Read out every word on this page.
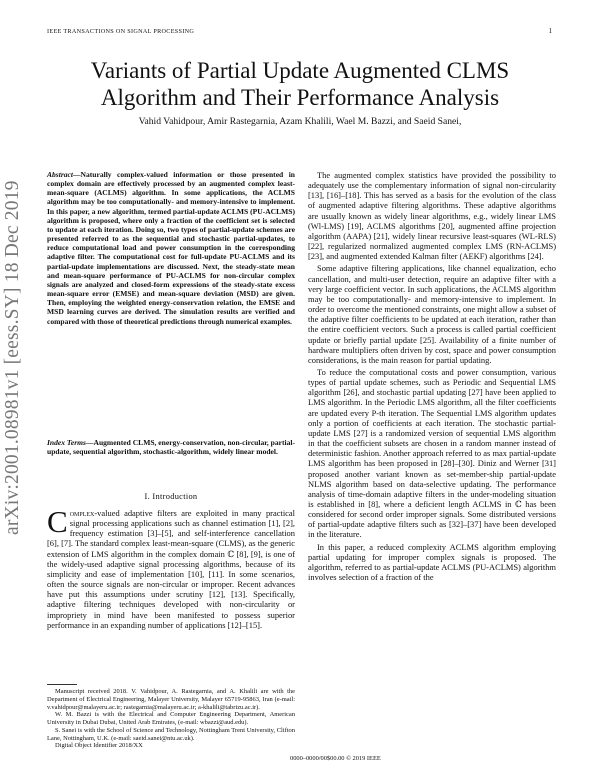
IEEE TRANSACTIONS ON SIGNAL PROCESSING	1
arXiv:2001.08981v1 [eess.SY] 18 Dec 2019
Variants of Partial Update Augmented CLMS
Algorithm and Their Performance Analysis
Vahid Vahidpour, Amir Rastegarnia, Azam Khalili, Wael M. Bazzi, and Saeid Sanei,
Abstract—Naturally complex-valued information or those presented in complex domain are effectively processed by an augmented complex least-mean-square (ACLMS) algorithm. In some applications, the ACLMS algorithm may be too computationally- and memory-intensive to implement. In this paper, a new algorithm, termed partial-update ACLMS (PU-ACLMS) algorithm is proposed, where only a fraction of the coefficient set is selected to update at each iteration. Doing so, two types of partial-update schemes are presented referred to as the sequential and stochastic partial-updates, to reduce computational load and power consumption in the corresponding adaptive filter. The computational cost for full-update PU-ACLMS and its partial-update implementations are discussed. Next, the steady-state mean and mean-square performance of PU-ACLMS for non-circular complex signals are analyzed and closed-form expressions of the steady-state excess mean-square error (EMSE) and mean-square deviation (MSD) are given. Then, employing the weighted energy-conservation relation, the EMSE and MSD learning curves are derived. The simulation results are verified and compared with those of theoretical predictions through numerical examples.
Index Terms—Augmented CLMS, energy-conservation, non-circular, partial-update, sequential algorithm, stochastic-algorithm, widely linear model.
I. Introduction
Complex-valued adaptive filters are exploited in many practical signal processing applications such as channel estimation [1], [2], frequency estimation [3]–[5], and self-interference cancellation [6], [7]. The standard complex least-mean-square (CLMS), as the generic extension of LMS algorithm in the complex domain ℂ [8], [9], is one of the widely-used adaptive signal processing algorithms, because of its simplicity and ease of implementation [10], [11]. In some scenarios, often the source signals are non-circular or improper. Recent advances have put this assumptions under scrutiny [12], [13]. Specifically, adaptive filtering techniques developed with non-circularity or impropriety in mind have been manifested to possess superior performance in an expanding number of applications [12]–[15].

Manuscript received 2018. V. Vahidpour, A. Rastegarnia, and A. Khalili are with the Department of Electrical Engineering, Malayer University, Malayer 65719-95863, Iran (e-mail: v.vahidpour@malayeru.ac.ir; rastegarnia@malayeru.ac.ir; a-khalili@tabrizu.ac.ir).

W. M. Bazzi is with the Electrical and Computer Engineering Department, American University in Dubai Dubai, United Arab Emirates, (e-mail: wbazzi@aud.edu).

S. Sanei is with the School of Science and Technology, Nottingham Trent University, Clifton Lane, Nottingham, U.K. (e-mail: saeid.sanei@ntu.ac.uk).

Digital Object Identifier 2018/XX

The augmented complex statistics have provided the possibility to adequately use the complementary information of signal non-circularity [13], [16]–[18]. This has served as a basis for the evolution of the class of augmented adaptive filtering algorithms. These adaptive algorithms are usually known as widely linear algorithms, e.g., widely linear LMS (Wl-LMS) [19], ACLMS algorithms [20], augmented affine projection algorithm (AAPA) [21], widely linear recursive least-squares (WL-RLS) [22], regularized normalized augmented complex LMS (RN-ACLMS) [23], and augmented extended Kalman filter (AEKF) algorithms [24].

Some adaptive filtering applications, like channel equalization, echo cancellation, and multi-user detection, require an adaptive filter with a very large coefficient vector. In such applications, the ACLMS algorithm may be too computationally- and memory-intensive to implement. In order to overcome the mentioned constraints, one might allow a subset of the adaptive filter coefficients to be updated at each iteration, rather than the entire coefficient vectors. Such a process is called partial coefficient update or briefly partial update [25]. Availability of a finite number of hardware multipliers often driven by cost, space and power consumption considerations, is the main reason for partial updating.

To reduce the computational costs and power consumption, various types of partial update schemes, such as Periodic and Sequential LMS algorithm [26], and stochastic partial updating [27] have been applied to LMS algorithm. In the Periodic LMS algorithm, all the filter coefficients are updated every P-th iteration. The Sequential LMS algorithm updates only a portion of coefficients at each iteration. The stochastic partial-update LMS [27] is a randomized version of sequential LMS algorithm in that the coefficient subsets are chosen in a random manner instead of deterministic fashion. Another approach referred to as max partial-update LMS algorithm has been proposed in [28]–[30]. Diniz and Werner [31] proposed another variant known as set-member-ship partial-update NLMS algorithm based on data-selective updating. The performance analysis of time-domain adaptive filters in the under-modeling situation is established in [8], where a deficient length ACLMS in ℂ has been considered for second order improper signals. Some distributed versions of partial-update adaptive filters such as [32]–[37] have been developed in the literature.

In this paper, a reduced complexity ACLMS algorithm employing partial updating for improper complex signals is proposed. The algorithm, referred to as partial-update ACLMS (PU-ACLMS) algorithm involves selection of a fraction of the

0000–0000/00$00.00 © 2019 IEEE
